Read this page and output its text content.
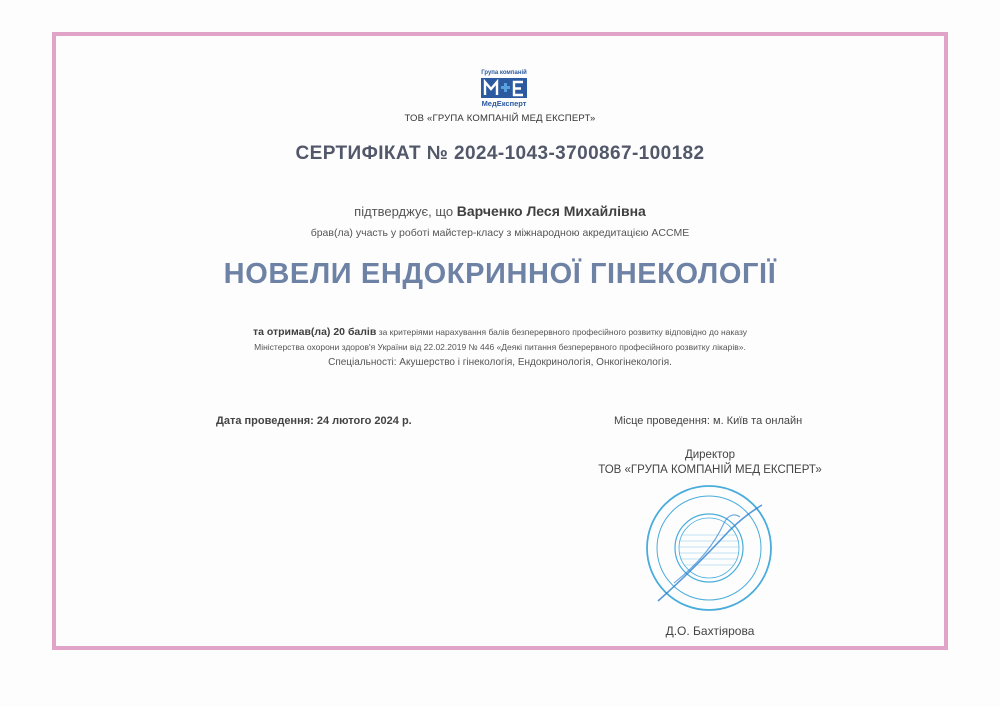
Група компаній
МедЕксперт
ТОВ «ГРУПА КОМПАНІЙ МЕД ЕКСПЕРТ»
СЕРТИФІКАТ № 2024-1043-3700867-100182
підтверджує, що Варченко Леся Михайлівна
брав(ла) участь у роботі майстер-класу з міжнародною акредитацією ACCME
НОВЕЛИ ЕНДОКРИННОЇ ГІНЕКОЛОГІЇ
та отримав(ла) 20 балів за критеріями нарахування балів безперервного професійного розвитку відповідно до наказу
Міністерства охорони здоров'я України від 22.02.2019 № 446 «Деякі питання безперервного професійного розвитку лікарів».
Спеціальності: Акушерство і гінекологія, Ендокринологія, Онкогінекологія.
Дата проведення: 24 лютого 2024 р.	Місце проведення: м. Київ та онлайн
Директор
ТОВ «ГРУПА КОМПАНІЙ МЕД ЕКСПЕРТ»
Д.О. Бахтіярова
